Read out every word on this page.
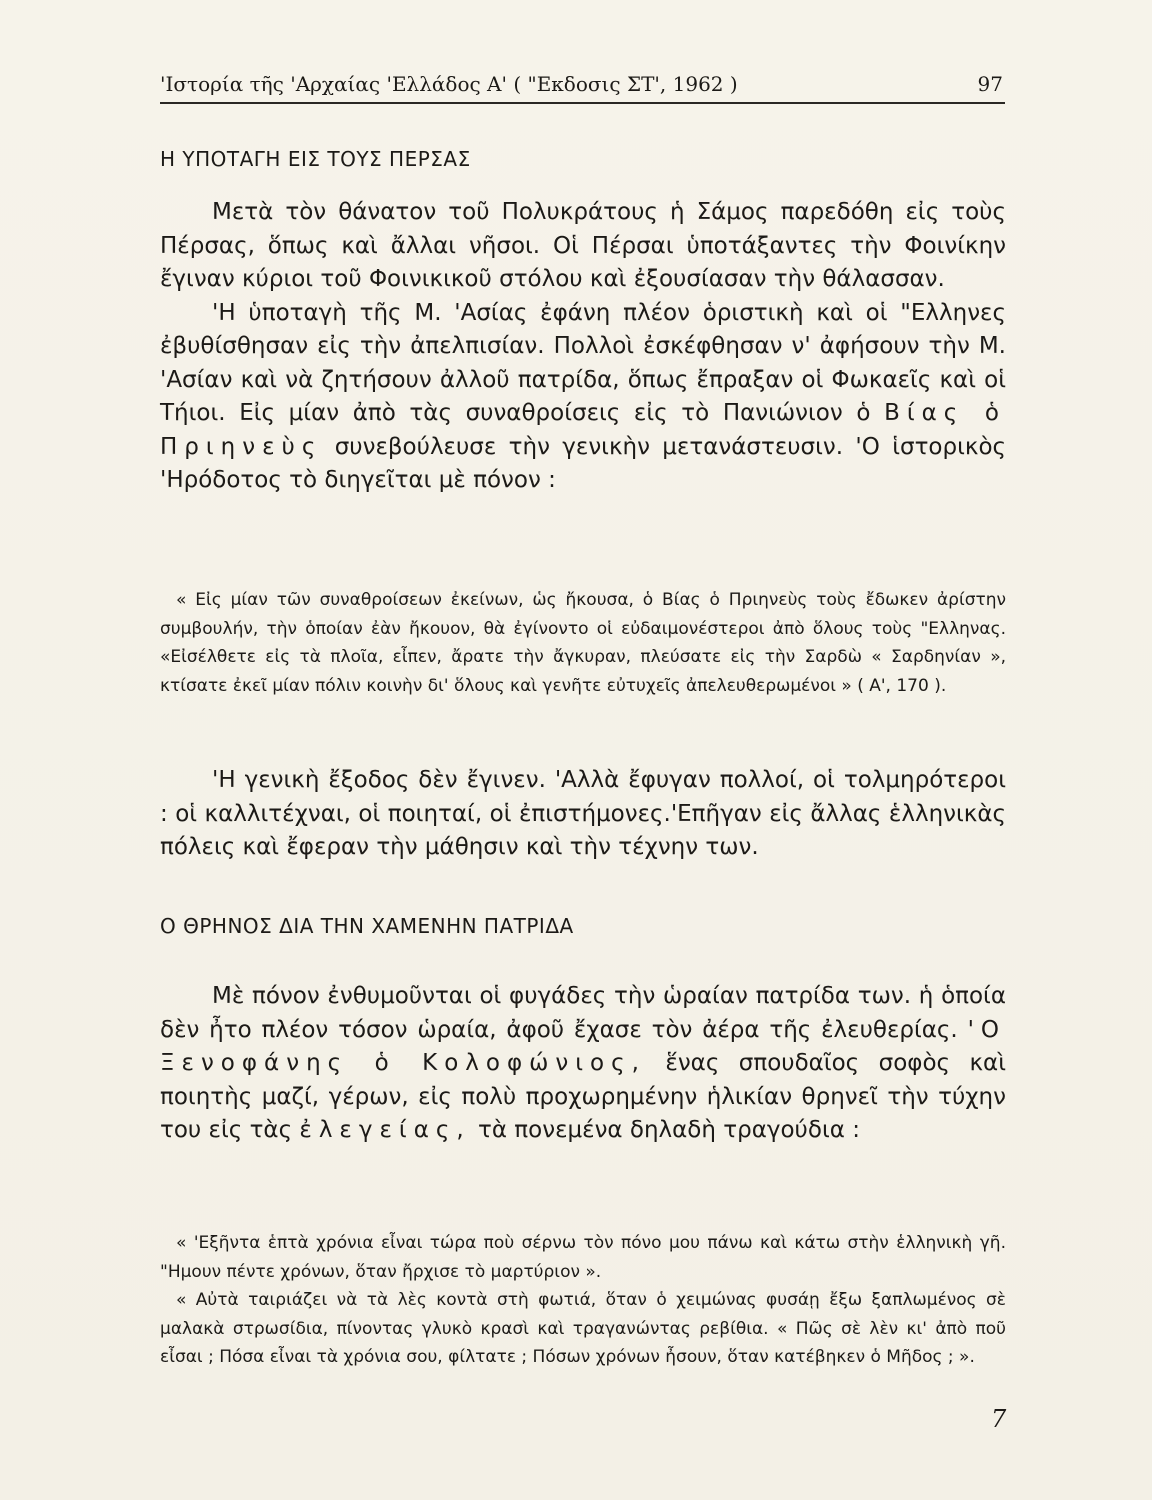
'Ιστορία τῆς 'Αρχαίας 'Ελλάδος Α' ( "Εκδοσις ΣΤ', 1962 )	97
Η ΥΠΟΤΑΓΗ ΕΙΣ ΤΟΥΣ ΠΕΡΣΑΣ

Μετὰ τὸν θάνατον τοῦ Πολυκράτους ἡ Σάμος παρεδόθη εἰς τοὺς Πέρσας, ὅπως καὶ ἄλλαι νῆσοι. Οἱ Πέρσαι ὑποτάξαντες τὴν Φοινίκην ἔγιναν κύριοι τοῦ Φοινικικοῦ στόλου καὶ ἐξουσίασαν τὴν θάλασσαν.

'Η ὑποταγὴ τῆς Μ. 'Ασίας ἐφάνη πλέον ὁριστικὴ καὶ οἱ "Ελληνες ἐβυθίσθησαν εἰς τὴν ἀπελπισίαν. Πολλοὶ ἐσκέφθησαν ν' ἀφήσουν τὴν Μ. 'Ασίαν καὶ νὰ ζητήσουν ἀλλοῦ πατρίδα, ὅπως ἔπραξαν οἱ Φωκαεῖς καὶ οἱ Τήιοι. Εἰς μίαν ἀπὸ τὰς συναθροίσεις εἰς τὸ Πανιώνιον ὁ Βίας ὁ Πριηνεὺς συνεβούλευσε τὴν γενικὴν μετανάστευσιν. 'Ο ἱστορικὸς 'Ηρόδοτος τὸ διηγεῖται μὲ πόνον :

« Εἰς μίαν τῶν συναθροίσεων ἐκείνων, ὡς ἤκουσα, ὁ Βίας ὁ Πριηνεὺς τοὺς ἔδωκεν ἀρίστην συμβουλήν, τὴν ὁποίαν ἐὰν ἤκουον, θὰ ἐγίνοντο οἱ εὐδαιμονέστεροι ἀπὸ ὅλους τοὺς "Ελληνας. «Εἰσέλθετε εἰς τὰ πλοῖα, εἶπεν, ἄρατε τὴν ἄγκυραν, πλεύσατε εἰς τὴν Σαρδὼ « Σαρδηνίαν », κτίσατε ἐκεῖ μίαν πόλιν κοινὴν δι' ὅλους καὶ γενῆτε εὐτυχεῖς ἀπελευθερωμένοι » ( Α', 170 ).

'Η γενικὴ ἔξοδος δὲν ἔγινεν. 'Αλλὰ ἔφυγαν πολλοί, οἱ τολμηρότεροι : οἱ καλλιτέχναι, οἱ ποιηταί, οἱ ἐπιστήμονες.'Επῆγαν εἰς ἄλλας ἑλληνικὰς πόλεις καὶ ἔφεραν τὴν μάθησιν καὶ τὴν τέχνην των.

Ο ΘΡΗΝΟΣ ΔΙΑ ΤΗΝ ΧΑΜΕΝΗΝ ΠΑΤΡΙΔΑ

Μὲ πόνον ἐνθυμοῦνται οἱ φυγάδες τὴν ὡραίαν πατρίδα των. ἡ ὁποία δὲν ἦτο πλέον τόσον ὡραία, ἀφοῦ ἔχασε τὸν ἀέρα τῆς ἐλευθερίας. 'Ο Ξενοφάνης ὁ Κολοφώνιος, ἕνας σπουδαῖος σοφὸς καὶ ποιητὴς μαζί, γέρων, εἰς πολὺ προχωρημένην ἡλικίαν θρηνεῖ τὴν τύχην του εἰς τὰς ἐλεγείας, τὰ πονεμένα δηλαδὴ τραγούδια :

« 'Εξῆντα ἑπτὰ χρόνια εἶναι τώρα ποὺ σέρνω τὸν πόνο μου πάνω καὶ κάτω στὴν ἑλληνικὴ γῆ. "Ημουν πέντε χρόνων, ὅταν ἤρχισε τὸ μαρτύριον ».

« Αὐτὰ ταιριάζει νὰ τὰ λὲς κοντὰ στὴ φωτιά, ὅταν ὁ χειμώνας φυσάῃ ἔξω ξαπλωμένος σὲ μαλακὰ στρωσίδια, πίνοντας γλυκὸ κρασὶ καὶ τραγανώντας ρεβίθια. « Πῶς σὲ λὲν κι' ἀπὸ ποῦ εἶσαι ; Πόσα εἶναι τὰ χρόνια σου, φίλτατε ; Πόσων χρόνων ἦσουν, ὅταν κατέβηκεν ὁ Μῆδος ; ».

7
